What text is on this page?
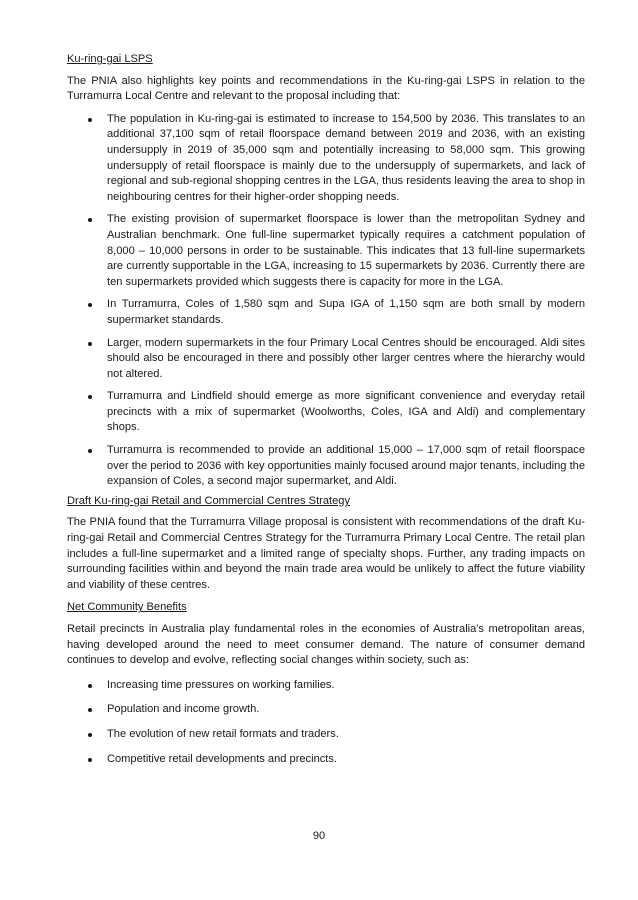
Ku-ring-gai LSPS

The PNIA also highlights key points and recommendations in the Ku-ring-gai LSPS in relation to the Turramurra Local Centre and relevant to the proposal including that:

The population in Ku-ring-gai is estimated to increase to 154,500 by 2036. This translates to an additional 37,100 sqm of retail floorspace demand between 2019 and 2036, with an existing undersupply in 2019 of 35,000 sqm and potentially increasing to 58,000 sqm. This growing undersupply of retail floorspace is mainly due to the undersupply of supermarkets, and lack of regional and sub-regional shopping centres in the LGA, thus residents leaving the area to shop in neighbouring centres for their higher-order shopping needs.
The existing provision of supermarket floorspace is lower than the metropolitan Sydney and Australian benchmark. One full-line supermarket typically requires a catchment population of 8,000 – 10,000 persons in order to be sustainable. This indicates that 13 full-line supermarkets are currently supportable in the LGA, increasing to 15 supermarkets by 2036. Currently there are ten supermarkets provided which suggests there is capacity for more in the LGA.
In Turramurra, Coles of 1,580 sqm and Supa IGA of 1,150 sqm are both small by modern supermarket standards.
Larger, modern supermarkets in the four Primary Local Centres should be encouraged. Aldi sites should also be encouraged in there and possibly other larger centres where the hierarchy would not altered.
Turramurra and Lindfield should emerge as more significant convenience and everyday retail precincts with a mix of supermarket (Woolworths, Coles, IGA and Aldi) and complementary shops.
Turramurra is recommended to provide an additional 15,000 – 17,000 sqm of retail floorspace over the period to 2036 with key opportunities mainly focused around major tenants, including the expansion of Coles, a second major supermarket, and Aldi.

Draft Ku-ring-gai Retail and Commercial Centres Strategy

The PNIA found that the Turramurra Village proposal is consistent with recommendations of the draft Ku-ring-gai Retail and Commercial Centres Strategy for the Turramurra Primary Local Centre. The retail plan includes a full-line supermarket and a limited range of specialty shops. Further, any trading impacts on surrounding facilities within and beyond the main trade area would be unlikely to affect the future viability and viability of these centres.

Net Community Benefits

Retail precincts in Australia play fundamental roles in the economies of Australia's metropolitan areas, having developed around the need to meet consumer demand. The nature of consumer demand continues to develop and evolve, reflecting social changes within society, such as:

Increasing time pressures on working families.
Population and income growth.
The evolution of new retail formats and traders.
Competitive retail developments and precincts.
90
